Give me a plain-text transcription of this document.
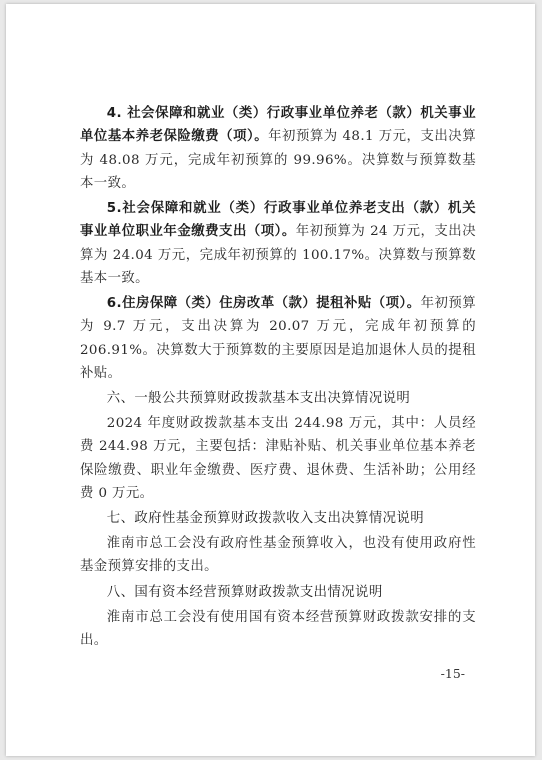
4. 社会保障和就业（类）行政事业单位养老（款）机关事业单位基本养老保险缴费（项）。年初预算为 48.1 万元，支出决算为 48.08 万元，完成年初预算的 99.96%。决算数与预算数基本一致。

5.社会保障和就业（类）行政事业单位养老支出（款）机关事业单位职业年金缴费支出（项）。年初预算为 24 万元，支出决算为 24.04 万元，完成年初预算的 100.17%。决算数与预算数基本一致。

6.住房保障（类）住房改革（款）提租补贴（项）。年初预算为 9.7 万元，支出决算为 20.07 万元，完成年初预算的 206.91%。决算数大于预算数的主要原因是追加退休人员的提租补贴。

六、一般公共预算财政拨款基本支出决算情况说明

2024 年度财政拨款基本支出 244.98 万元，其中：人员经费 244.98 万元，主要包括：津贴补贴、机关事业单位基本养老保险缴费、职业年金缴费、医疗费、退休费、生活补助；公用经费 0 万元。

七、政府性基金预算财政拨款收入支出决算情况说明

淮南市总工会没有政府性基金预算收入，也没有使用政府性基金预算安排的支出。

八、国有资本经营预算财政拨款支出情况说明

淮南市总工会没有使用国有资本经营预算财政拨款安排的支出。

-15-
